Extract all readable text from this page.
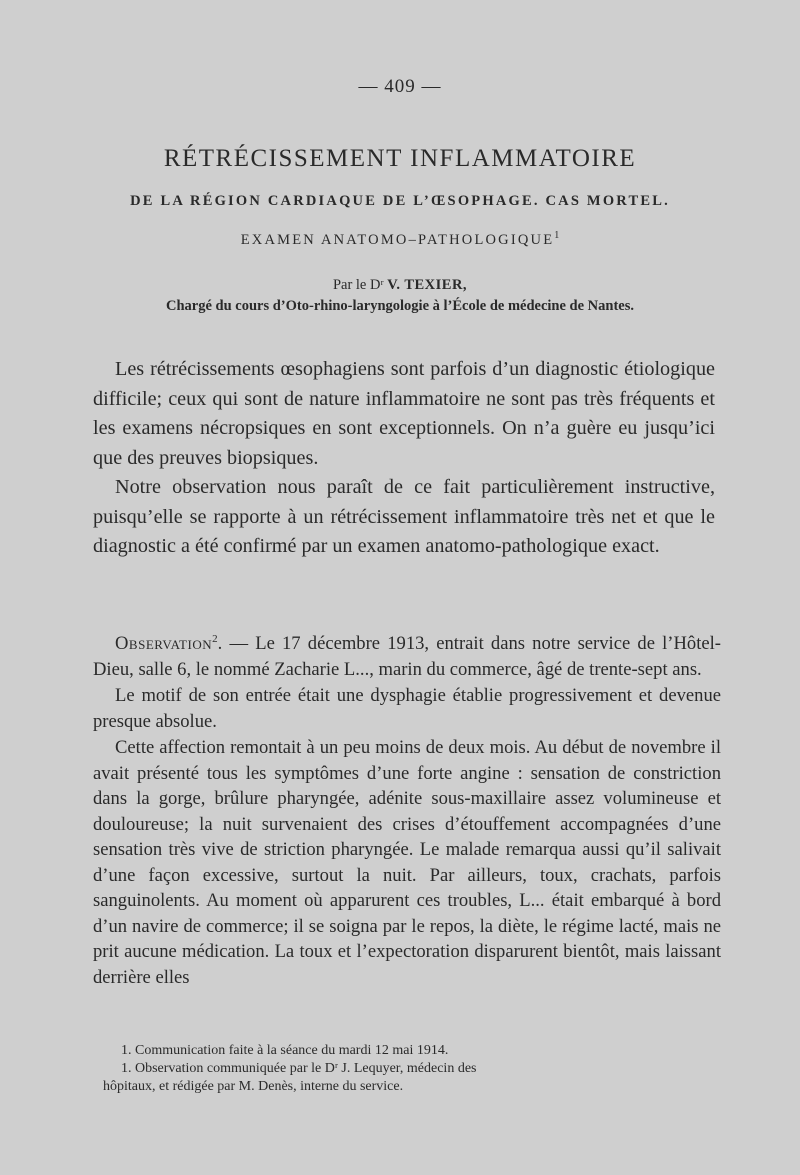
— 409 —
RÉTRÉCISSEMENT INFLAMMATOIRE
DE LA RÉGION CARDIAQUE DE L’ŒSOPHAGE. CAS MORTEL.
EXAMEN ANATOMO–PATHOLOGIQUE$^1$
Par le Dʳ V. TEXIER,
Chargé du cours d’Oto-rhino-laryngologie à l’École de médecine de Nantes.

Les rétrécissements œsophagiens sont parfois d’un diagnostic étiologique difficile; ceux qui sont de nature inflammatoire ne sont pas très fréquents et les examens nécropsiques en sont exceptionnels. On n’a guère eu jusqu’ici que des preuves biopsiques.

Notre observation nous paraît de ce fait particulièrement instructive, puisqu’elle se rapporte à un rétrécissement inflammatoire très net et que le diagnostic a été confirmé par un examen anatomo-pathologique exact.

Observation$^2$. — Le 17 décembre 1913, entrait dans notre service de l’Hôtel-Dieu, salle 6, le nommé Zacharie L..., marin du commerce, âgé de trente-sept ans.

Le motif de son entrée était une dysphagie établie progressivement et devenue presque absolue.

Cette affection remontait à un peu moins de deux mois. Au début de novembre il avait présenté tous les symptômes d’une forte angine : sensation de constriction dans la gorge, brûlure pharyngée, adénite sous-maxillaire assez volumineuse et douloureuse; la nuit survenaient des crises d’étouffement accompagnées d’une sensation très vive de striction pharyngée. Le malade remarqua aussi qu’il salivait d’une façon excessive, surtout la nuit. Par ailleurs, toux, crachats, parfois sanguinolents. Au moment où apparurent ces troubles, L... était embarqué à bord d’un navire de commerce; il se soigna par le repos, la diète, le régime lacté, mais ne prit aucune médication. La toux et l’expectoration disparurent bientôt, mais laissant derrière elles

1. Communication faite à la séance du mardi 12 mai 1914.

1. Observation communiquée par le Dʳ J. Lequyer, médecin des

hôpitaux, et rédigée par M. Denès, interne du service.
